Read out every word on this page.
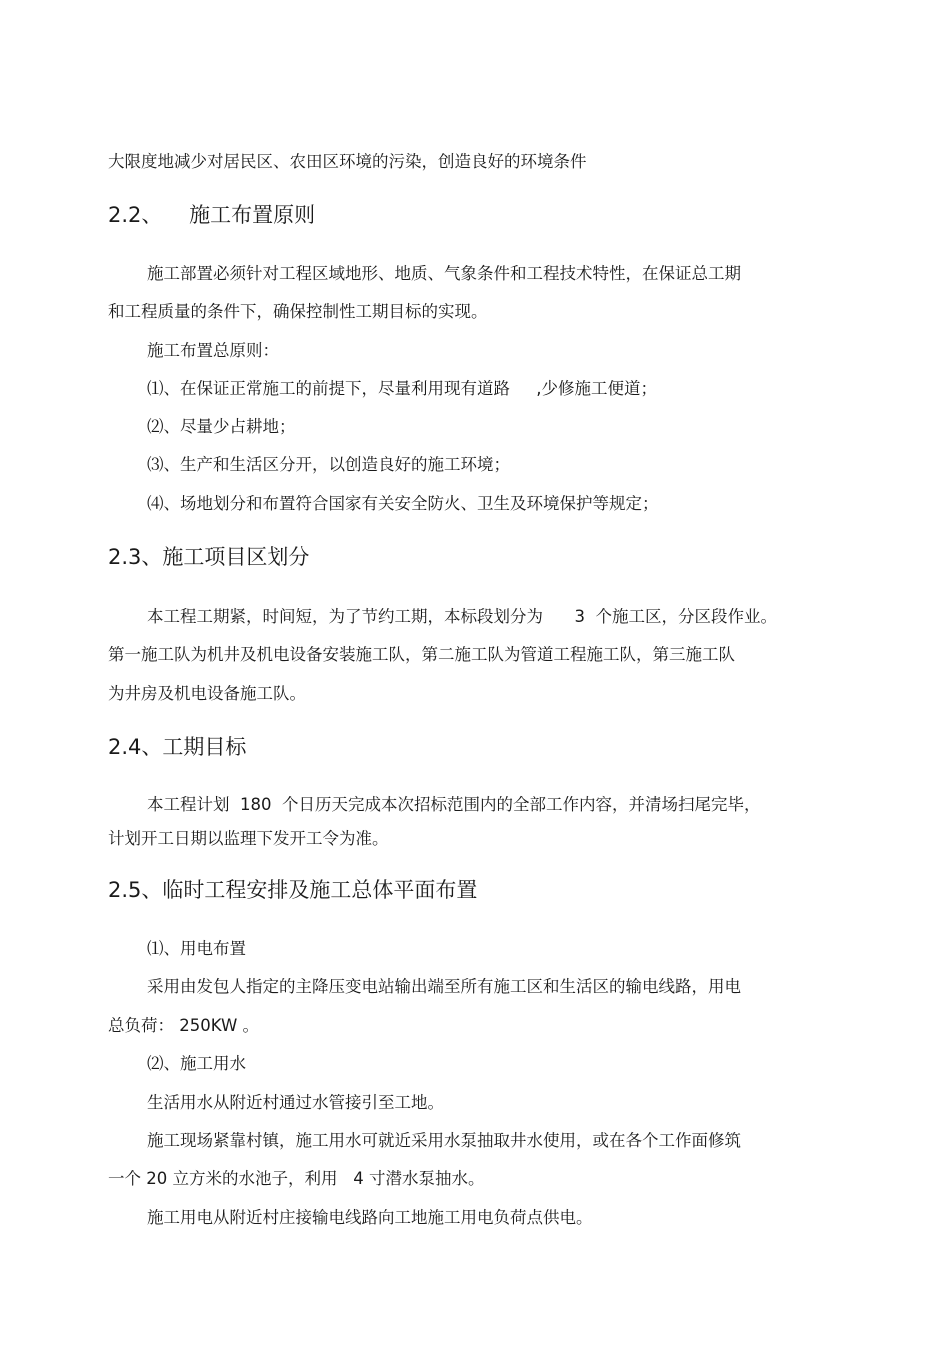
大限度地减少对居民区、农田区环境的污染，创造良好的环境条件
2.2、    施工布置原则
施工部置必须针对工程区域地形、地质、气象条件和工程技术特性，在保证总工期
和工程质量的条件下，确保控制性工期目标的实现。
施工布置总原则：
⑴、在保证正常施工的前提下，尽量利用现有道路     ,少修施工便道；
⑵、尽量少占耕地；
⑶、生产和生活区分开，以创造良好的施工环境；
⑷、场地划分和布置符合国家有关安全防火、卫生及环境保护等规定；
2.3、施工项目区划分
本工程工期紧，时间短，为了节约工期，本标段划分为      3  个施工区，分区段作业。
第一施工队为机井及机电设备安装施工队，第二施工队为管道工程施工队，第三施工队
为井房及机电设备施工队。
2.4、工期目标
本工程计划  180  个日历天完成本次招标范围内的全部工作内容，并清场扫尾完毕，
计划开工日期以监理下发开工令为准。
2.5、临时工程安排及施工总体平面布置
⑴、用电布置
采用由发包人指定的主降压变电站输出端至所有施工区和生活区的输电线路，用电
总负荷： 250KW 。
⑵、施工用水
生活用水从附近村通过水管接引至工地。
施工现场紧靠村镇，施工用水可就近采用水泵抽取井水使用，或在各个工作面修筑
一个 20 立方米的水池子，利用   4 寸潜水泵抽水。
施工用电从附近村庄接输电线路向工地施工用电负荷点供电。
